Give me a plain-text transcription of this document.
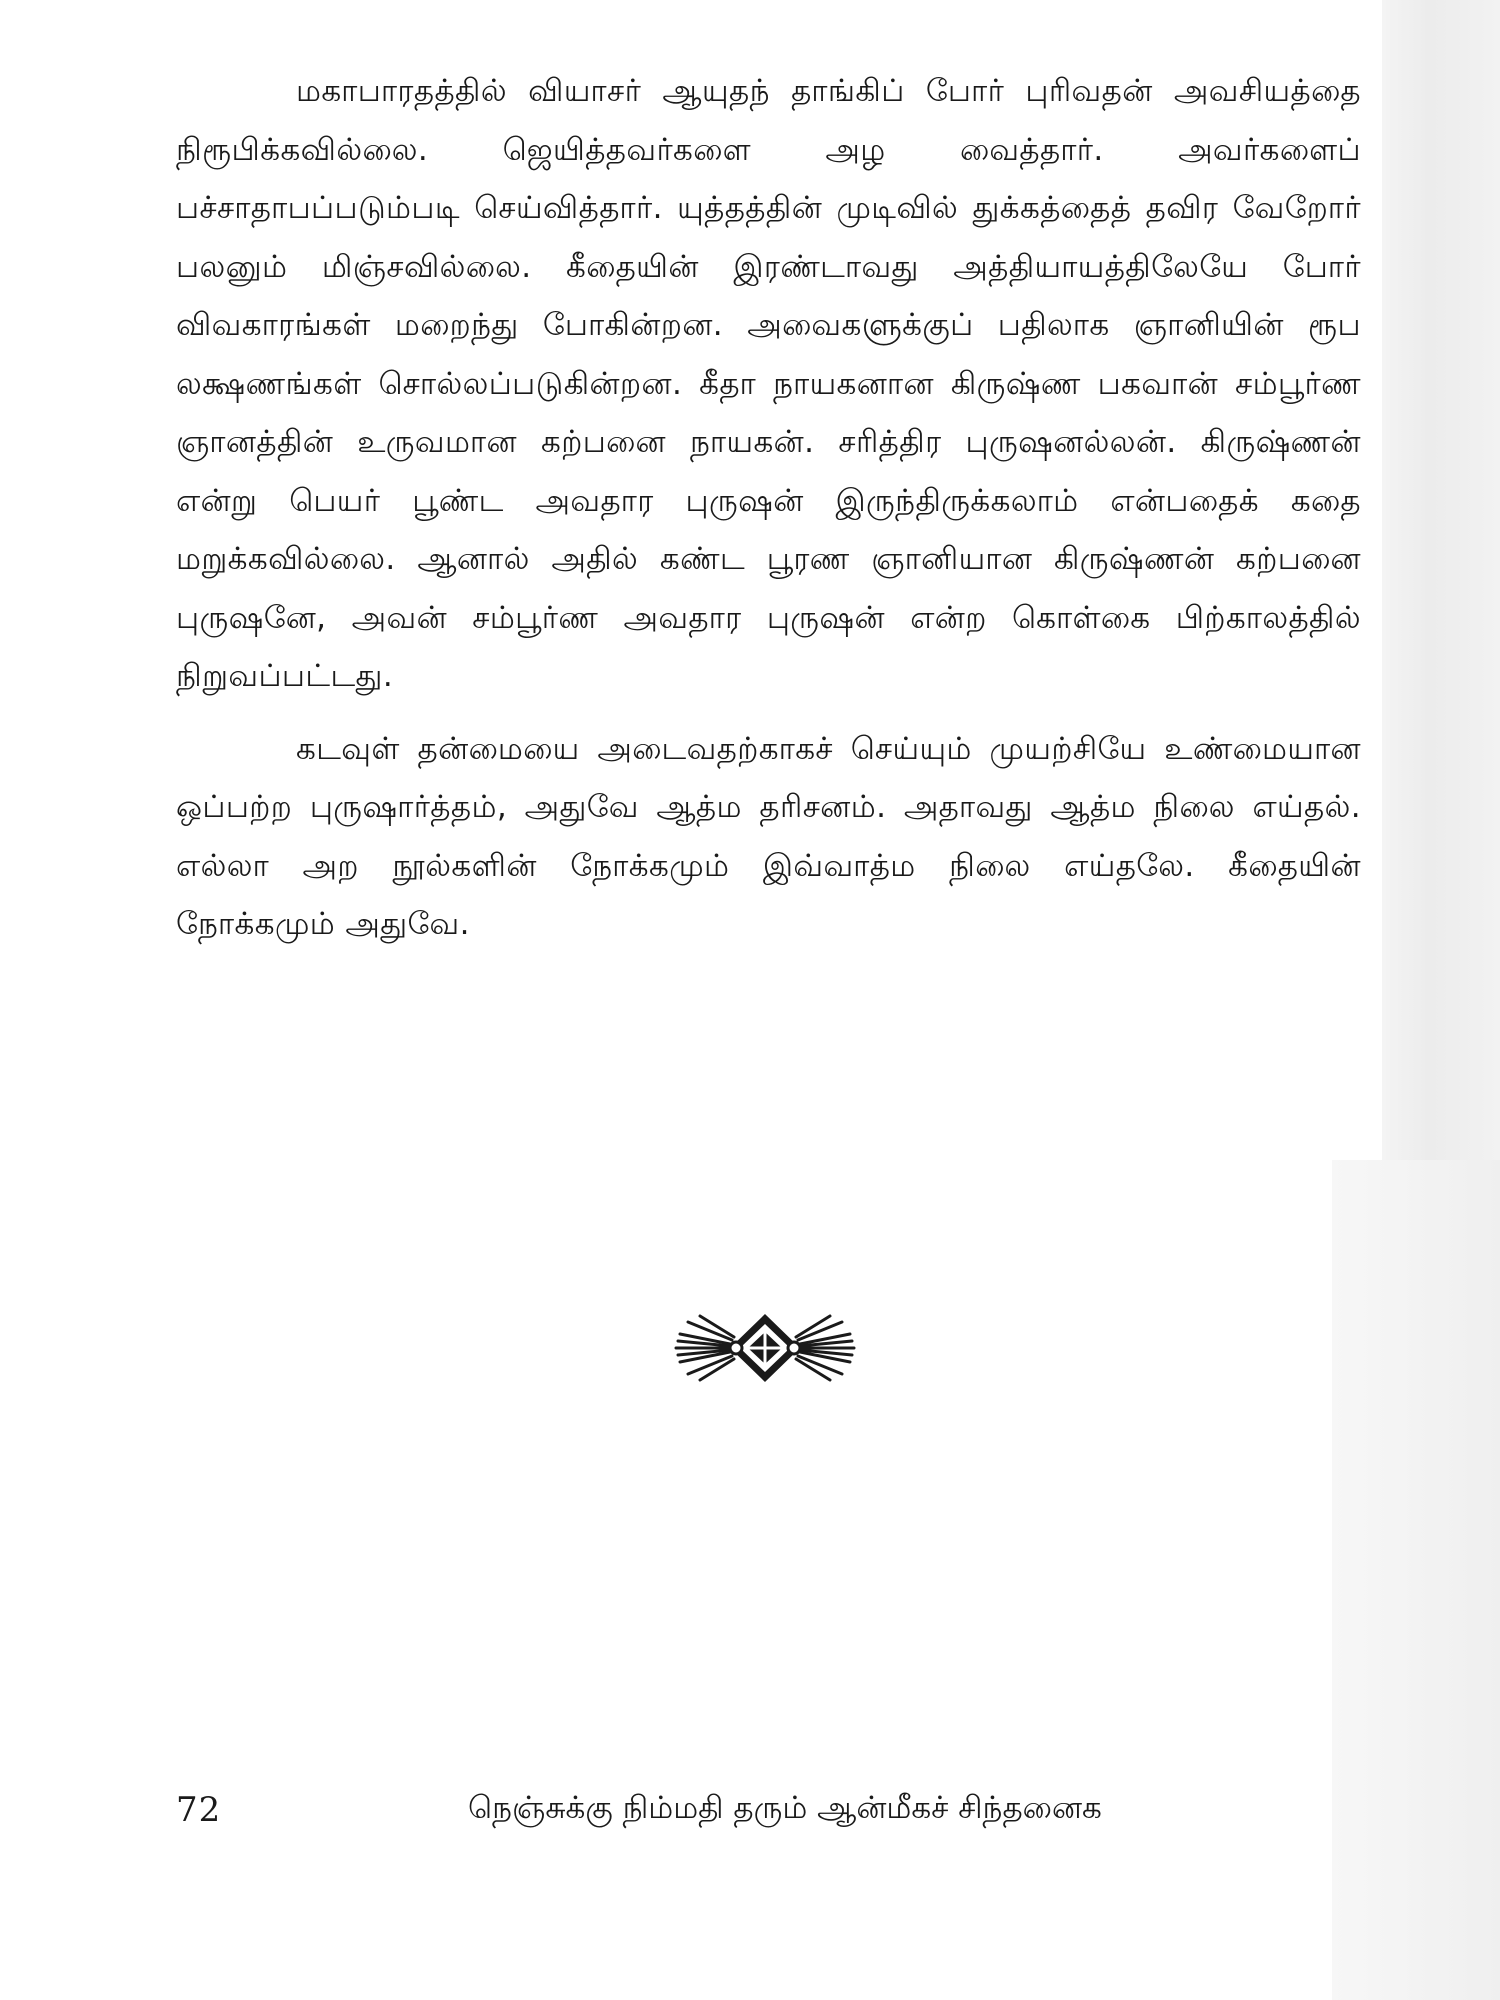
மகாபாரதத்தில் வியாசர் ஆயுதந் தாங்கிப் போர் புரிவதன் அவசியத்தை நிரூபிக்கவில்லை. ஜெயித்தவர்களை அழ வைத்தார். அவர்களைப் பச்சாதாபப்படும்படி செய்வித்தார். யுத்தத்தின் முடிவில் துக்கத்தைத் தவிர வேறோர் பலனும் மிஞ்சவில்லை. கீதையின் இரண்டாவது அத்தியாயத்திலேயே போர் விவகாரங்கள் மறைந்து போகின்றன. அவைகளுக்குப் பதிலாக ஞானியின் ரூப லக்ஷணங்கள் சொல்லப்படுகின்றன. கீதா நாயகனான கிருஷ்ண பகவான் சம்பூர்ண ஞானத்தின் உருவமான கற்பனை நாயகன். சரித்திர புருஷனல்லன். கிருஷ்ணன் என்று பெயர் பூண்ட அவதார புருஷன் இருந்திருக்கலாம் என்பதைக் கதை மறுக்கவில்லை. ஆனால் அதில் கண்ட பூரண ஞானியான கிருஷ்ணன் கற்பனை புருஷனே, அவன் சம்பூர்ண அவதார புருஷன் என்ற கொள்கை பிற்காலத்தில் நிறுவப்பட்டது.

கடவுள் தன்மையை அடைவதற்காகச் செய்யும் முயற்சியே உண்மையான ஒப்பற்ற புருஷார்த்தம், அதுவே ஆத்ம தரிசனம். அதாவது ஆத்ம நிலை எய்தல். எல்லா அற நூல்களின் நோக்கமும் இவ்வாத்ம நிலை எய்தலே. கீதையின் நோக்கமும் அதுவே.

72	நெஞ்சுக்கு நிம்மதி தரும் ஆன்மீகச் சிந்தனைக
